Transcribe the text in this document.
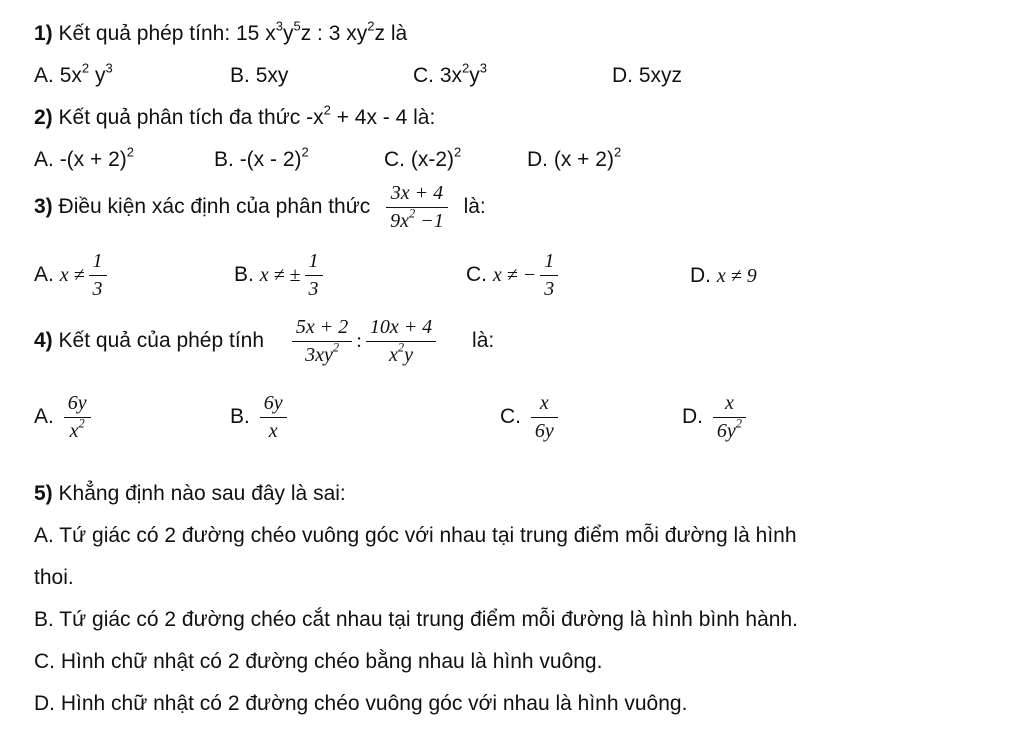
1) Kết quả phép tính: 15 $x^3y^5z$ : 3 $xy^2z$ là
A. $5x^2$ $y^3$	B. 5xy	C. $3x^2y^3$	D. 5xyz
2) Kết quả phân tích đa thức $-x^2 + 4x - 4$ là:
A. $-(x + 2)^2$	B. -(x - 2)$^2$	C. $(x-2)^2$	D. $(x + 2)^2$
3) Điều kiện xác định của phân thức $\frac{3x + 4}{9x^2 -1}$ là:
A. $x \ne \frac{1}{3}$	B. x ≠ ± $\frac{1}{3}$	C. x ≠ − $\frac{1}{3}$	D. x ≠ 9
4) Kết quả của phép tính $\frac{5x + 2}{3xy^2}$ : $\frac{10x + 4}{x^2y}$ là:
A. $\frac{6y}{x^2}$	B. $\frac{6y}{x}$	C. $\frac{x}{6y}$	D. $\frac{x}{6y^2}$
5) Khẳng định nào sau đây là sai:
A. Tứ giác có 2 đường chéo vuông góc với nhau tại trung điểm mỗi đường là hình
thoi.
B. Tứ giác có 2 đường chéo cắt nhau tại trung điểm mỗi đường là hình bình hành.
C. Hình chữ nhật có 2 đường chéo bằng nhau là hình vuông.
D. Hình chữ nhật có 2 đường chéo vuông góc với nhau là hình vuông.
